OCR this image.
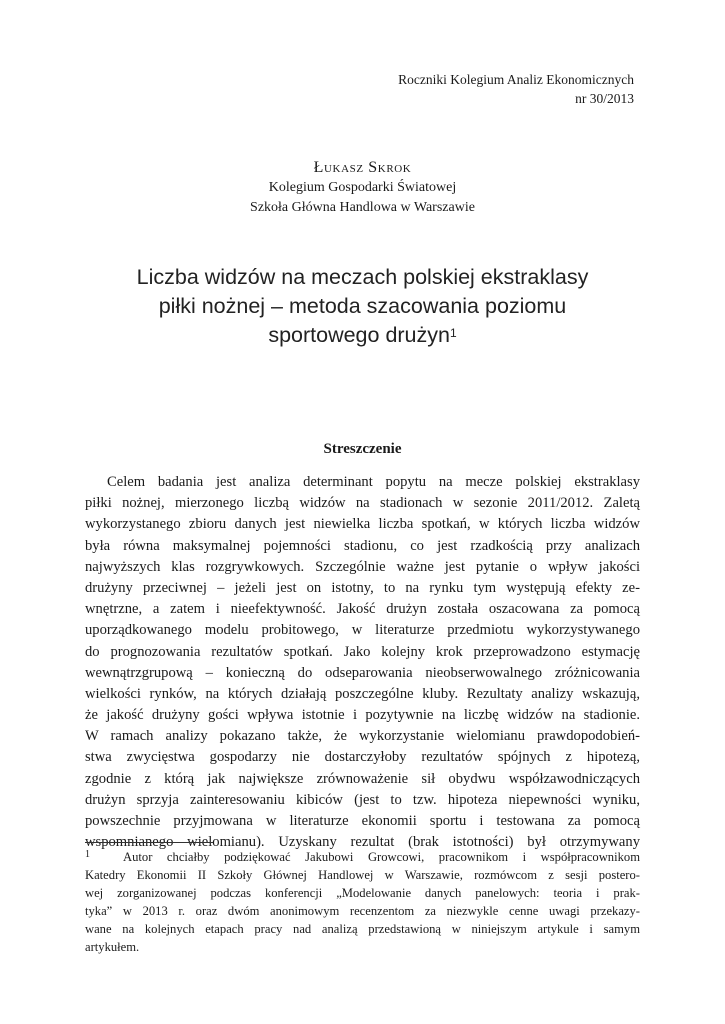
Roczniki Kolegium Analiz Ekonomicznych
nr 30/2013
Łukasz Skrok
Kolegium Gospodarki Światowej
Szkoła Główna Handlowa w Warszawie
Liczba widzów na meczach polskiej ekstraklasy
piłki nożnej – metoda szacowania poziomu
sportowego drużyn$^1$
Streszczenie
Celem badania jest analiza determinant popytu na mecze polskiej ekstraklasy
piłki nożnej, mierzonego liczbą widzów na stadionach w sezonie 2011/2012. Zaletą
wykorzystanego zbioru danych jest niewielka liczba spotkań, w których liczba widzów
była równa maksymalnej pojemności stadionu, co jest rzadkością przy analizach
najwyższych klas rozgrywkowych. Szczególnie ważne jest pytanie o wpływ jakości
drużyny przeciwnej – jeżeli jest on istotny, to na rynku tym występują efekty ze-
wnętrzne, a zatem i nieefektywność. Jakość drużyn została oszacowana za pomocą
uporządkowanego modelu probitowego, w literaturze przedmiotu wykorzystywanego
do prognozowania rezultatów spotkań. Jako kolejny krok przeprowadzono estymację
wewnątrzgrupową – konieczną do odseparowania nieobserwowalnego zróżnicowania
wielkości rynków, na których działają poszczególne kluby. Rezultaty analizy wskazują,
że jakość drużyny gości wpływa istotnie i pozytywnie na liczbę widzów na stadionie.
W ramach analizy pokazano także, że wykorzystanie wielomianu prawdopodobień-
stwa zwycięstwa gospodarzy nie dostarczyłoby rezultatów spójnych z hipotezą,
zgodnie z którą jak największe zrównoważenie sił obydwu współzawodniczących
drużyn sprzyja zainteresowaniu kibiców (jest to tzw. hipoteza niepewności wyniku,
powszechnie przyjmowana w literaturze ekonomii sportu i testowana za pomocą
wspomnianego wielomianu). Uzyskany rezultat (brak istotności) był otrzymywany
1	Autor chciałby podziękować Jakubowi Growcowi, pracownikom i współpracownikom
Katedry Ekonomii II Szkoły Głównej Handlowej w Warszawie, rozmówcom z sesji postero-
wej zorganizowanej podczas konferencji „Modelowanie danych panelowych: teoria i prak-
tyka” w 2013 r. oraz dwóm anonimowym recenzentom za niezwykle cenne uwagi przekazy-
wane na kolejnych etapach pracy nad analizą przedstawioną w niniejszym artykule i samym
artykułem.
